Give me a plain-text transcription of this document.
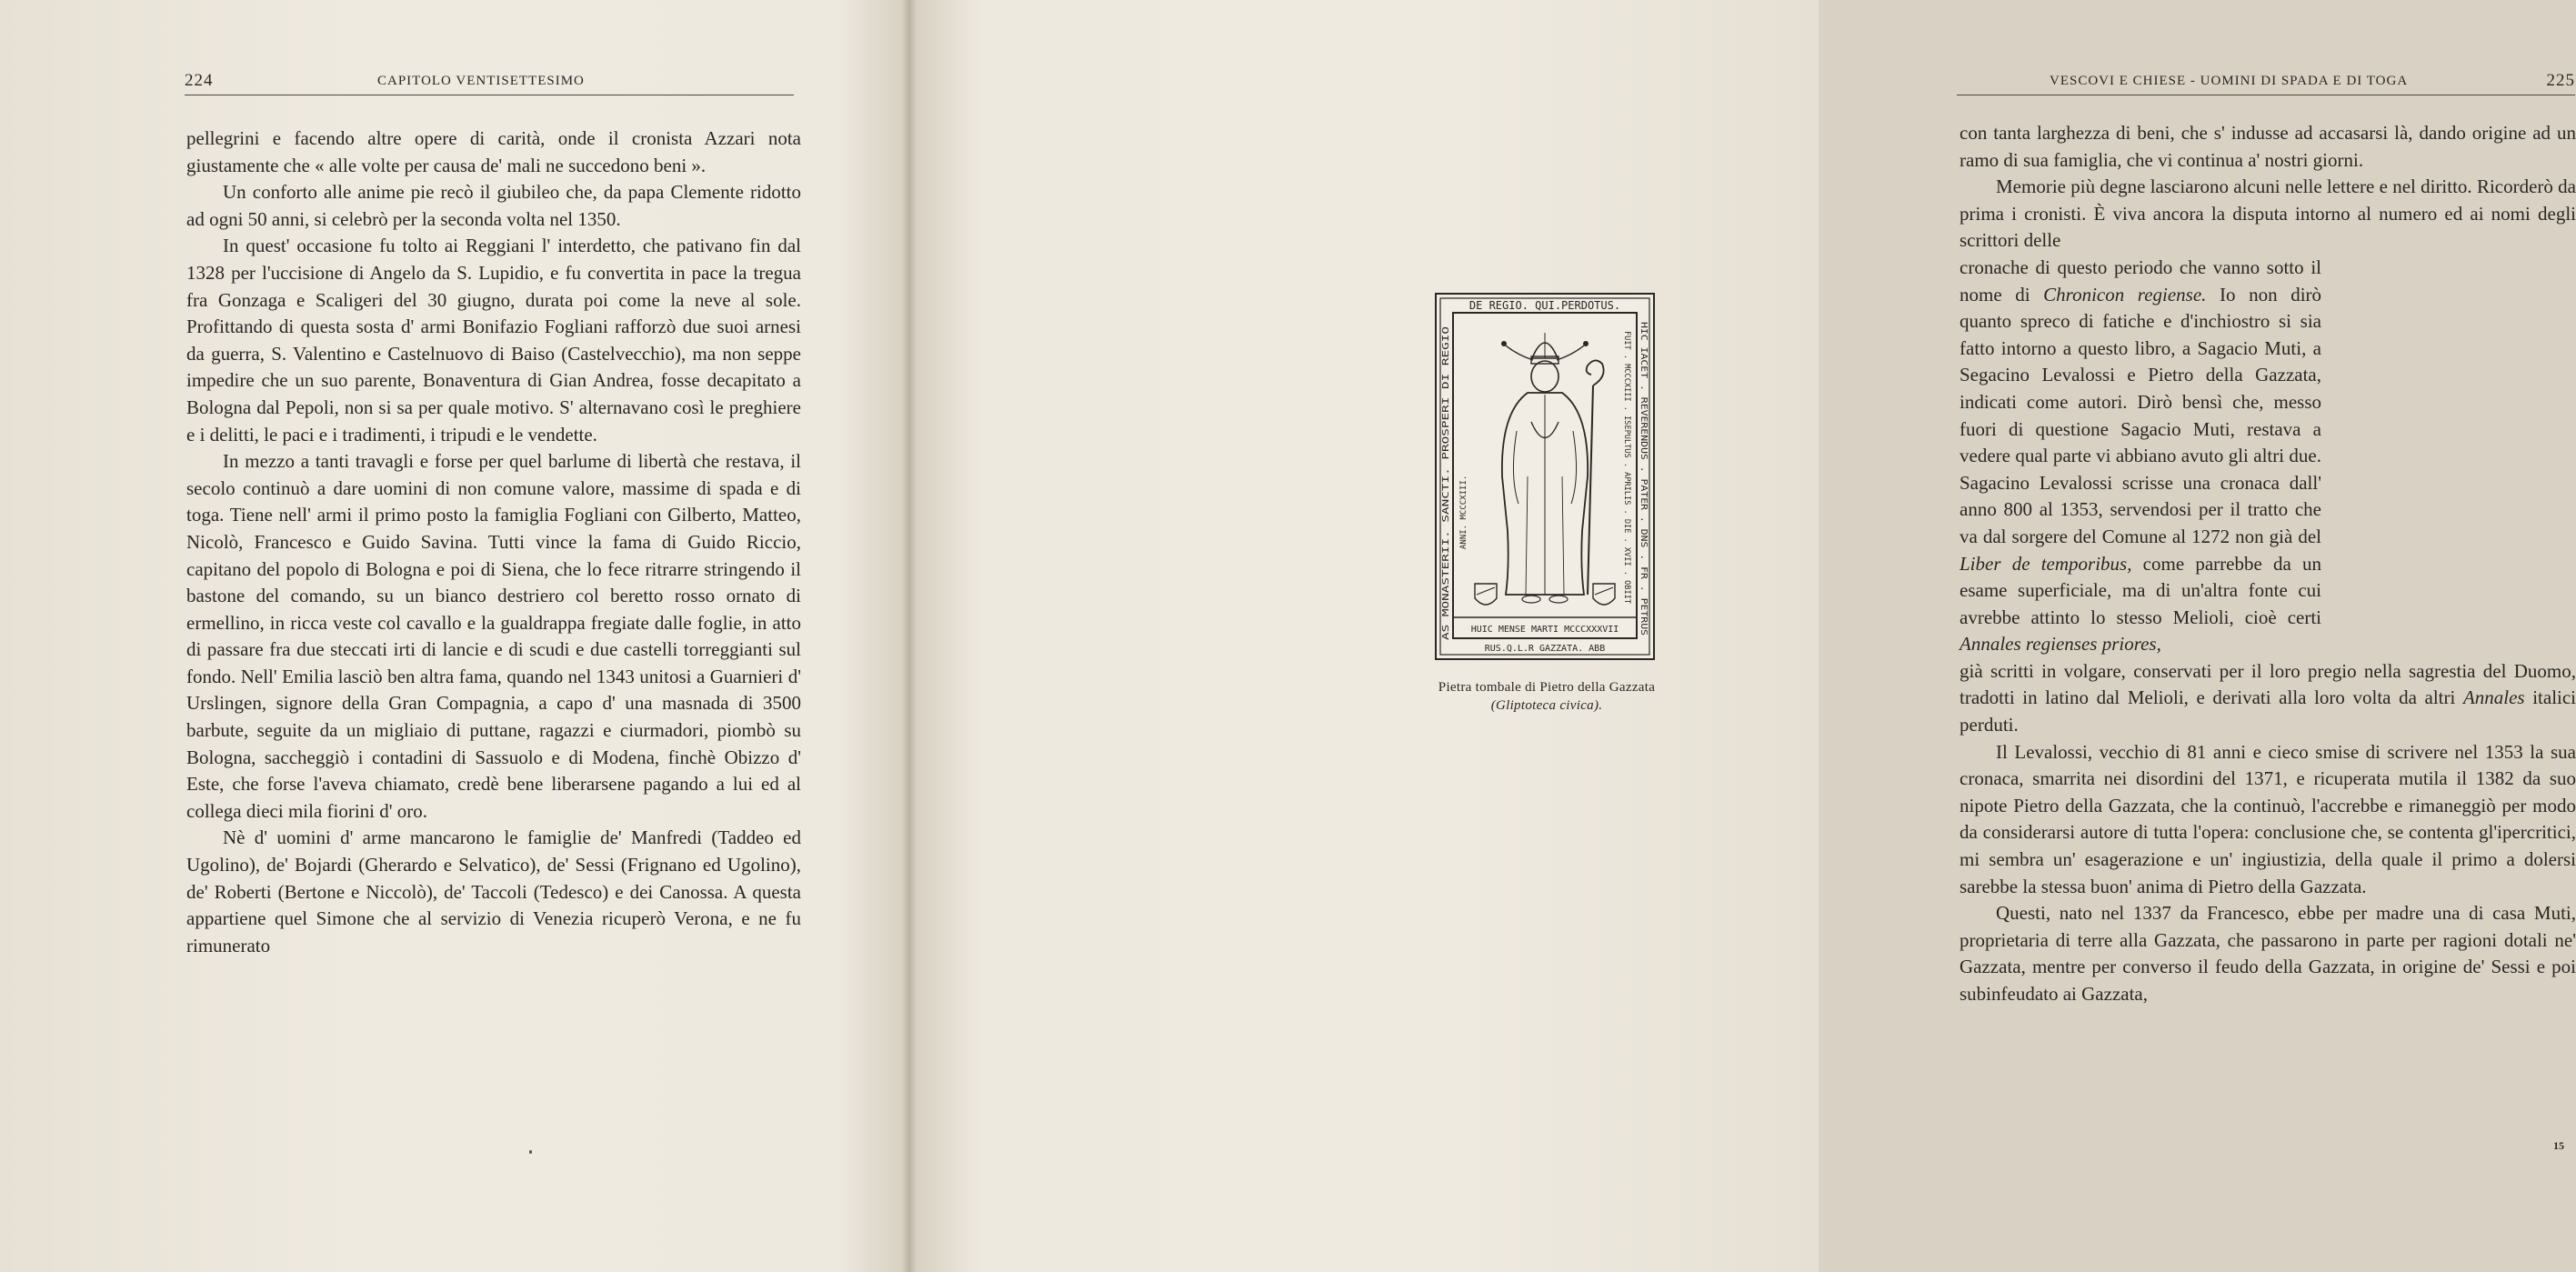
224	CAPITOLO VENTISETTESIMO

pellegrini e facendo altre opere di carità, onde il cronista Azzari nota giustamente che « alle volte per causa de' mali ne succedono beni ».

Un conforto alle anime pie recò il giubileo che, da papa Clemente ridotto ad ogni 50 anni, si celebrò per la seconda volta nel 1350.

In quest' occasione fu tolto ai Reggiani l' interdetto, che pativano fin dal 1328 per l'uccisione di Angelo da S. Lupidio, e fu convertita in pace la tregua fra Gonzaga e Scaligeri del 30 giugno, durata poi come la neve al sole. Profittando di questa sosta d' armi Bonifazio Fogliani rafforzò due suoi arnesi da guerra, S. Valentino e Castelnuovo di Baiso (Castelvecchio), ma non seppe impedire che un suo parente, Bonaventura di Gian Andrea, fosse decapitato a Bologna dal Pepoli, non si sa per quale motivo. S' alternavano così le preghiere e i delitti, le paci e i tradimenti, i tripudi e le vendette.

In mezzo a tanti travagli e forse per quel barlume di libertà che restava, il secolo continuò a dare uomini di non comune valore, massime di spada e di toga. Tiene nell' armi il primo posto la famiglia Fogliani con Gilberto, Matteo, Nicolò, Francesco e Guido Savina. Tutti vince la fama di Guido Riccio, capitano del popolo di Bologna e poi di Siena, che lo fece ritrarre stringendo il bastone del comando, su un bianco destriero col beretto rosso ornato di ermellino, in ricca veste col cavallo e la gualdrappa fregiate dalle foglie, in atto di passare fra due steccati irti di lancie e di scudi e due castelli torreggianti sul fondo. Nell' Emilia lasciò ben altra fama, quando nel 1343 unitosi a Guarnieri d' Urslingen, signore della Gran Compagnia, a capo d' una masnada di 3500 barbute, seguite da un migliaio di puttane, ragazzi e ciurmadori, piombò su Bologna, saccheggiò i contadini di Sassuolo e di Modena, finchè Obizzo d' Este, che forse l'aveva chiamato, credè bene liberarsene pagando a lui ed al collega dieci mila fiorini d' oro.

Nè d' uomini d' arme mancarono le famiglie de' Manfredi (Taddeo ed Ugolino), de' Bojardi (Gherardo e Selvatico), de' Sessi (Frignano ed Ugolino), de' Roberti (Bertone e Niccolò), de' Taccoli (Tedesco) e dei Canossa. A questa appartiene quel Simone che al servizio di Venezia ricuperò Verona, e ne fu rimunerato

VESCOVI E CHIESE - UOMINI DI SPADA E DI TOGA	225

con tanta larghezza di beni, che s' indusse ad accasarsi là, dando origine ad un ramo di sua famiglia, che vi continua a' nostri giorni.

Memorie più degne lasciarono alcuni nelle lettere e nel diritto. Ricorderò da prima i cronisti. È viva ancora la disputa intorno al numero ed ai nomi degli scrittori delle

cronache di questo periodo che vanno sotto il nome di Chronicon regiense. Io non dirò quanto spreco di fatiche e d'inchiostro si sia fatto intorno a questo libro, a Sagacio Muti, a Segacino Levalossi e Pietro della Gazzata, indicati come autori. Dirò bensì che, messo fuori di questione Sagacio Muti, restava a vedere qual parte vi abbiano avuto gli altri due. Sagacino Levalossi scrisse una cronaca dall' anno 800 al 1353, servendosi per il tratto che va dal sorgere del Comune al 1272 non già del Liber de temporibus, come parrebbe da un esame superficiale, ma di un'altra fonte cui avrebbe attinto lo stesso Melioli, cioè certi Annales regienses priores,

già scritti in volgare, conservati per il loro pregio nella sagrestia del Duomo, tradotti in latino dal Melioli, e derivati alla loro volta da altri Annales italici perduti.

Il Levalossi, vecchio di 81 anni e cieco smise di scrivere nel 1353 la sua cronaca, smarrita nei disordini del 1371, e ricuperata mutila il 1382 da suo nipote Pietro della Gazzata, che la continuò, l'accrebbe e rimaneggiò per modo da considerarsi autore di tutta l'opera: conclusione che, se contenta gl'ipercritici, mi sembra un' esagerazione e un' ingiustizia, della quale il primo a dolersi sarebbe la stessa buon' anima di Pietro della Gazzata.

Questi, nato nel 1337 da Francesco, ebbe per madre una di casa Muti, proprietaria di terre alla Gazzata, che passarono in parte per ragioni dotali ne' Gazzata, mentre per converso il feudo della Gazzata, in origine de' Sessi e poi subinfeudato ai Gazzata,

15
DE REGIO. QUI.PERDOTUS.
HIC IACET . REVERENDUS . PATER . DNS . FR . PETRUS
AS MONASTERII. SANCTI. PROSPERI DI REGIO	FUIT . MCCCXIII . ISEPULTUS . APRILIS . DIE . XVII . OBIIT
ANNI. MCCCXIII.
HUIC MENSE MARTI MCCCXXXVII
RUS.Q.L.R GAZZATA. ABB
Pietra tombale di Pietro della Gazzata (Gliptoteca civica).
